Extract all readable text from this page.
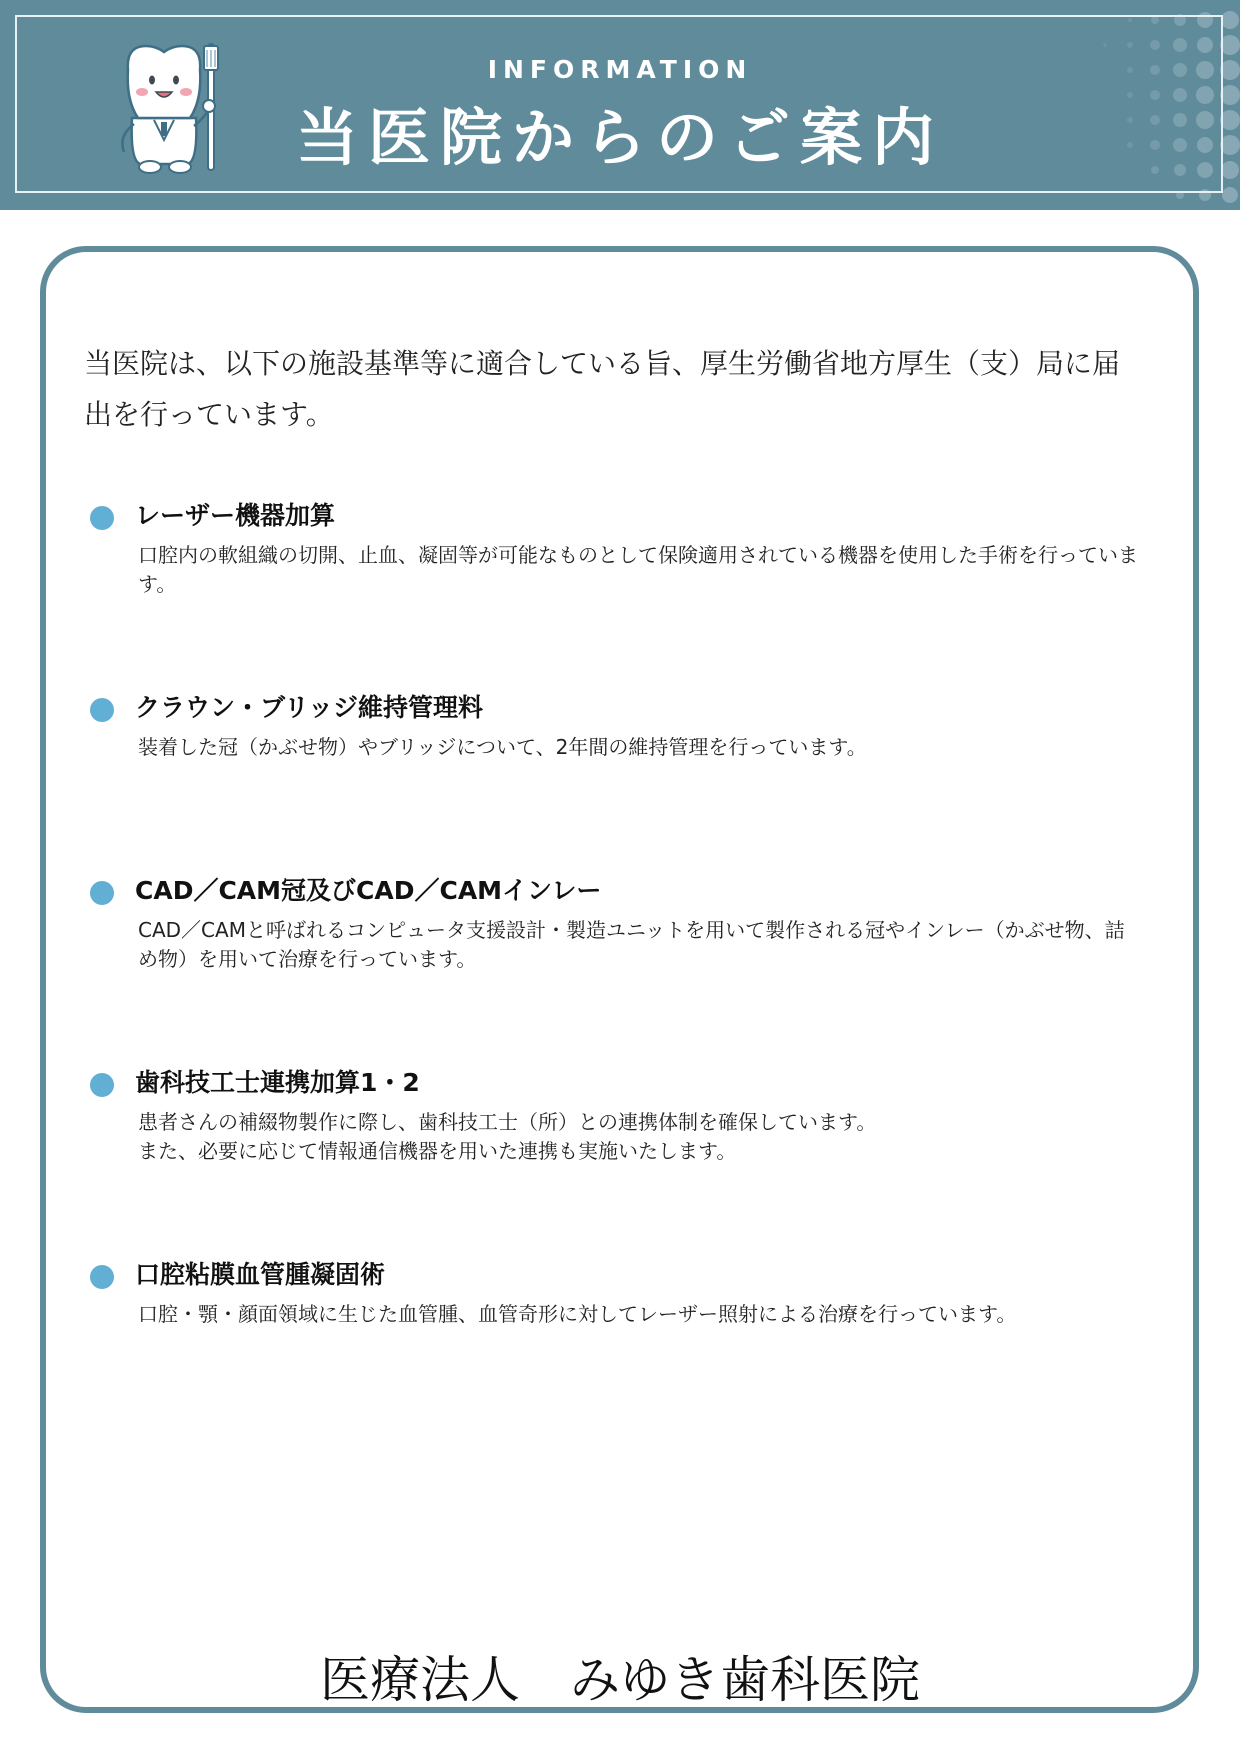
INFORMATION
当医院からのご案内
当医院は、以下の施設基準等に適合している旨、厚生労働省地方厚生（支）局に届出を行っています。
レーザー機器加算
口腔内の軟組織の切開、止血、凝固等が可能なものとして保険適用されている機器を使用した手術を行っています。
クラウン・ブリッジ維持管理料
装着した冠（かぶせ物）やブリッジについて、2年間の維持管理を行っています。
CAD／CAM冠及びCAD／CAMインレー
CAD／CAMと呼ばれるコンピュータ支援設計・製造ユニットを用いて製作される冠やインレー（かぶせ物、詰め物）を用いて治療を行っています。
歯科技工士連携加算1・2
患者さんの補綴物製作に際し、歯科技工士（所）との連携体制を確保しています。
また、必要に応じて情報通信機器を用いた連携も実施いたします。
口腔粘膜血管腫凝固術
口腔・顎・顔面領域に生じた血管腫、血管奇形に対してレーザー照射による治療を行っています。
医療法人　みゆき歯科医院
